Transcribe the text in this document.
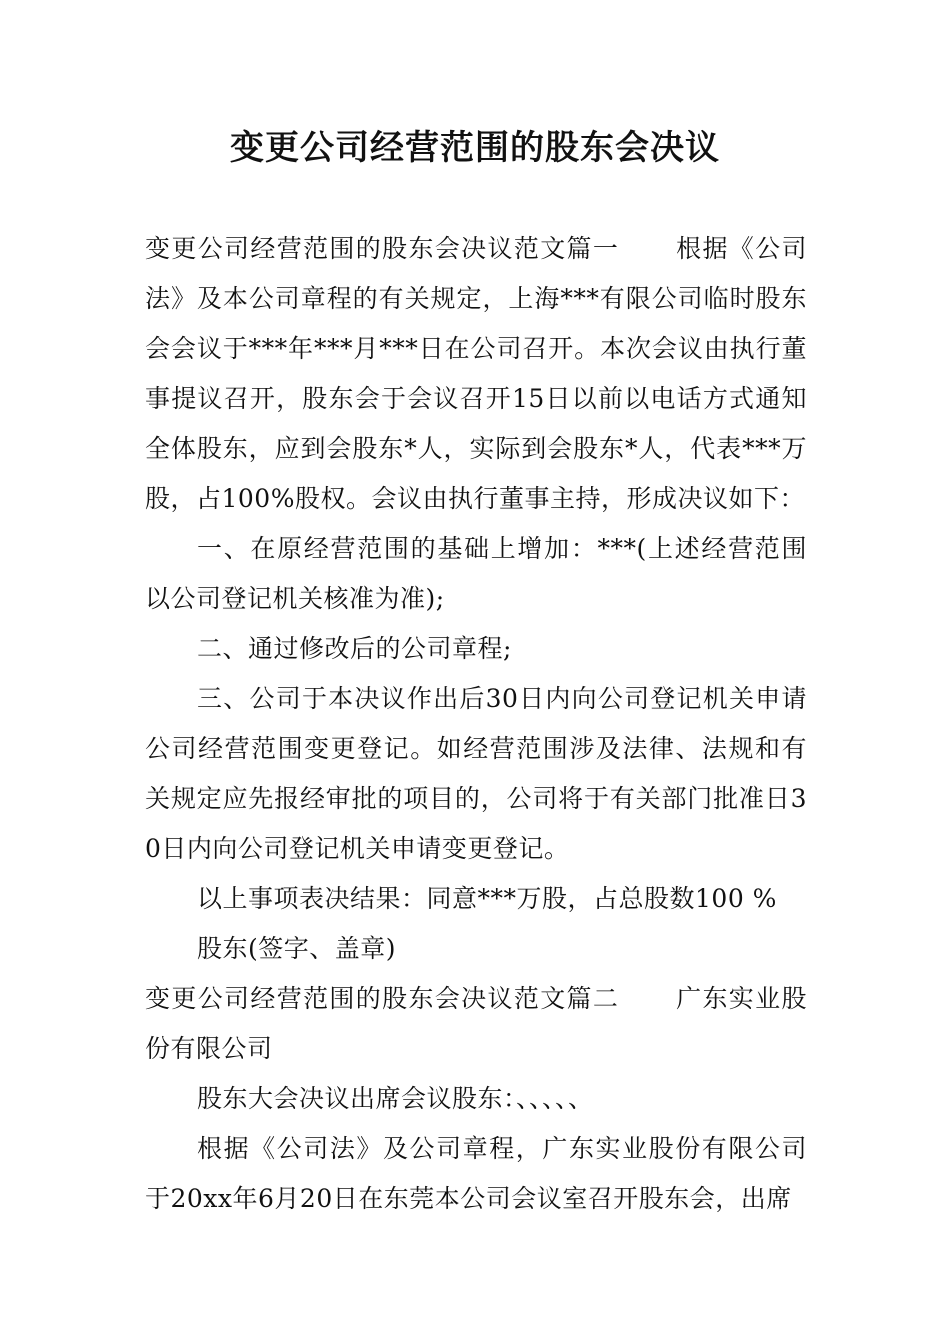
变更公司经营范围的股东会决议

变更公司经营范围的股东会决议范文篇一 根据《公司法》及本公司章程的有关规定，上海***有限公司临时股东会会议于***年***月***日在公司召开。本次会议由执行董事提议召开，股东会于会议召开15日以前以电话方式通知全体股东，应到会股东*人，实际到会股东*人，代表***万股，占100%股权。会议由执行董事主持，形成决议如下：

一、在原经营范围的基础上增加：***(上述经营范围以公司登记机关核准为准);

二、通过修改后的公司章程;

三、公司于本决议作出后30日内向公司登记机关申请公司经营范围变更登记。如经营范围涉及法律、法规和有关规定应先报经审批的项目的，公司将于有关部门批准日30日内向公司登记机关申请变更登记。

以上事项表决结果：同意***万股，占总股数100 %

股东(签字、盖章)

变更公司经营范围的股东会决议范文篇二 广东实业股份有限公司

股东大会决议出席会议股东：、、、、、

根据《公司法》及公司章程，广东实业股份有限公司于20xx年6月20日在东莞本公司会议室召开股东会，出席
